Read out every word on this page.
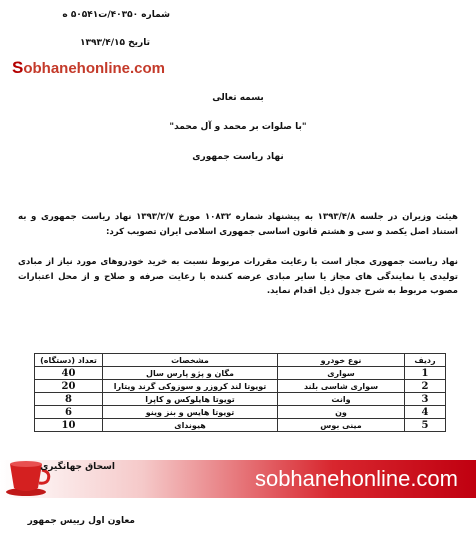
شماره ۴۰۳۵۰/ت۵۰۵۴۱ ه
تاریخ ۱۳۹۳/۴/۱۵
Sobhanehonline.com
بسمه تعالی
"با صلوات بر محمد و آل محمد"
نهاد ریاست جمهوری
هیئت وزیران در جلسه ۱۳۹۳/۴/۸ به پیشنهاد شماره ۱۰۸۳۲ مورخ ۱۳۹۳/۲/۷ نهاد ریاست جمهوری و به استناد اصل یکصد و سی و هشتم قانون اساسی جمهوری اسلامی ایران تصویب کرد:
نهاد ریاست جمهوری مجاز است با رعایت مقررات مربوط نسبت به خرید خودروهای مورد نیاز از مبادی تولیدی یا نمایندگی های مجاز یا سایر مبادی عرضه کننده با رعایت صرفه و صلاح و از محل اعتبارات مصوب مربوط به شرح جدول ذیل اقدام نماید.
ردیف	نوع خودرو	مشخصات	تعداد (دستگاه)
1	سواری	مگان و پژو پارس سال	40
2	سواری شاسی بلند	تویوتا لند کروزر و سوزوکی گرند ویتارا	20
3	وانت	تویوتا هایلوکس و کاپرا	8
4	ون	تویوتا هایس و بنز وینو	6
5	مینی بوس	هیوندای	10
sobhanehonline.com
اسحاق جهانگیری
معاون اول رییس جمهور
